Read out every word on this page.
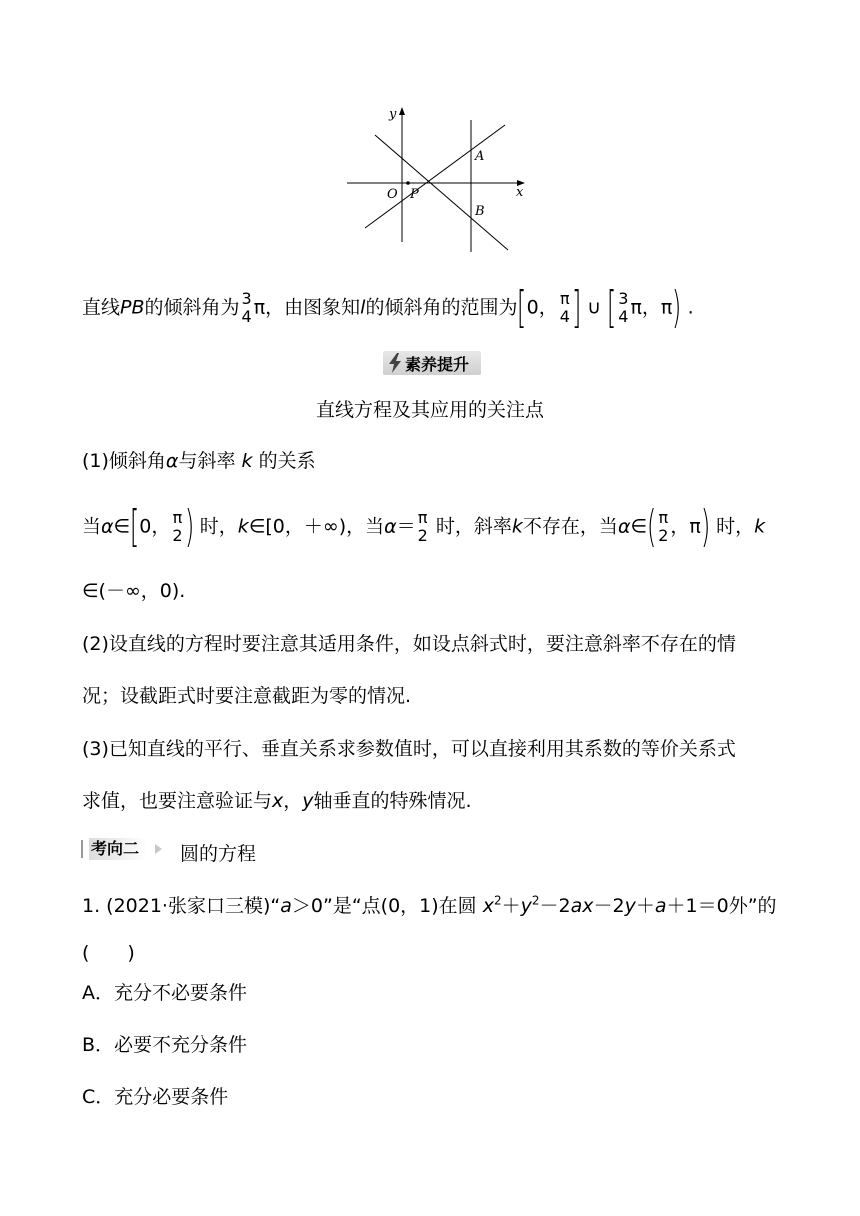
y
x
O P
A
B
直线PB的倾斜角为 3
4 π，由图象知l的倾斜角的范围为[0， π
4 ] ∪ [ 3
4 π，π) .
素养提升
直线方程及其应用的关注点
(1)倾斜角α与斜率 k 的关系
当α∈[0， π
2 ) 时，k∈[0，＋∞)，当α＝ π
2 时，斜率k不存在，当α∈( π
2 ，π) 时，k
∈(－∞，0).
(2)设直线的方程时要注意其适用条件，如设点斜式时，要注意斜率不存在的情
况；设截距式时要注意截距为零的情况.
(3)已知直线的平行、垂直关系求参数值时，可以直接利用其系数的等价关系式
求值，也要注意验证与x，y轴垂直的特殊情况.
考向二	圆的方程
1. (2021·张家口三模)“a＞0”是“点(0，1)在圆 $x^2+y^2-2ax-2y+a+1=0$外”的
(　　)
A．充分不必要条件
B．必要不充分条件
C．充分必要条件
